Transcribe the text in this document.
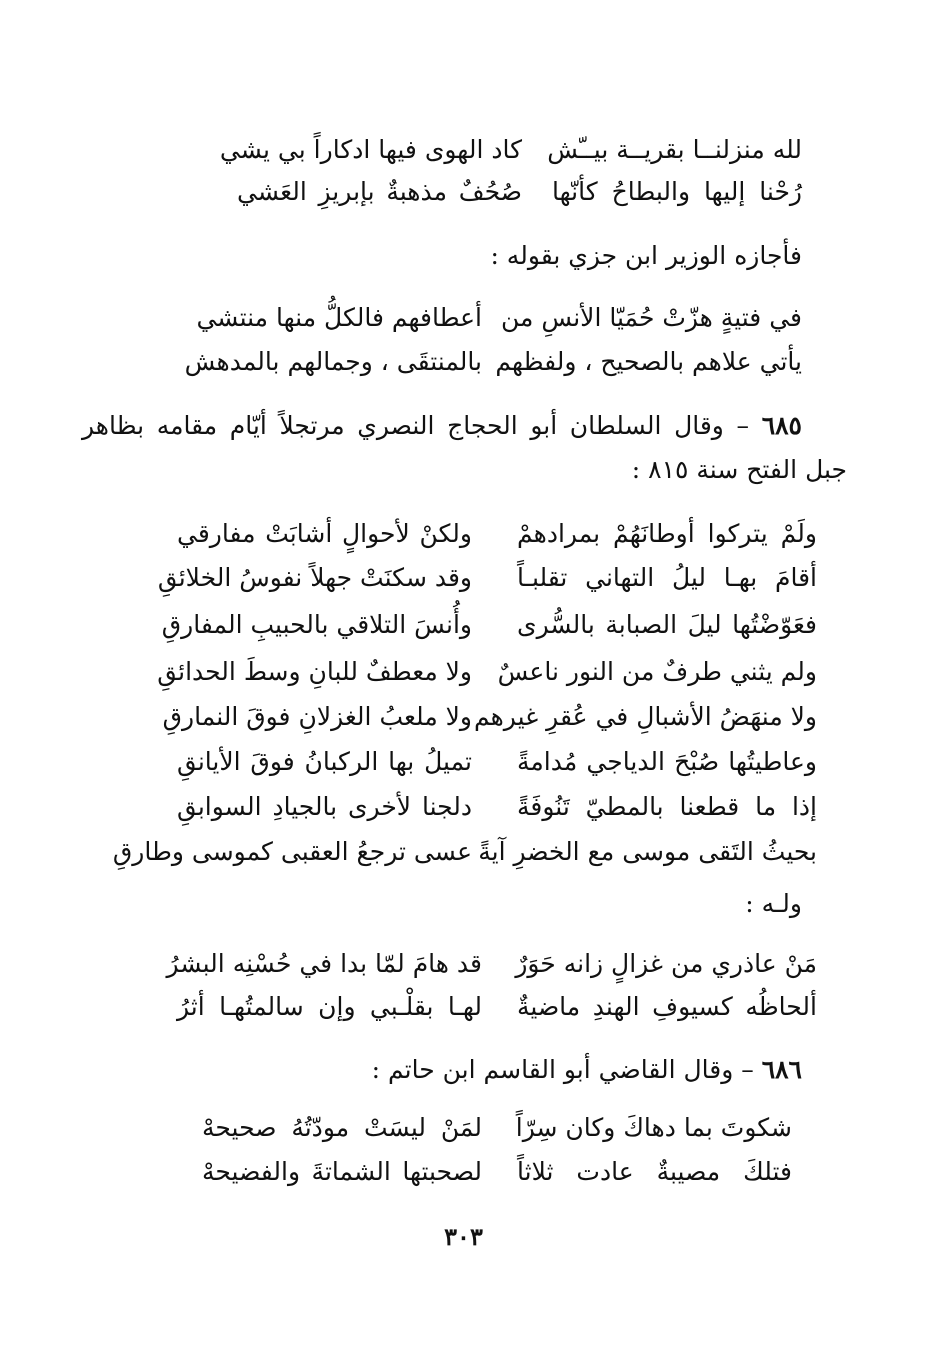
لله منزلنــا بقريــة بيــّش
كاد الهوى فيها ادكاراً بي يشي
رُحْنا إليها والبطاحُ كأنّها
صُحُفٌ مذهبةٌ بإبريزِ العَشي
فأجازه الوزير ابن جزي بقوله :
في فتيةٍ هزّتْ حُمَيّا الأنسِ من
أعطافهم فالكلُّ منها منتشي
يأتي علاهم بالصحيح ، ولفظهم
بالمنتقَى ، وجمالهم بالمدهش
٦٨٥ – وقال السلطان أبو الحجاج النصري مرتجلاً أيّام مقامه بظاهر
جبل الفتح سنة ٨١٥ :
ولَمْ يتركوا أوطانَهُمْ بمرادهمْ
ولكنْ لأحوالٍ أشابَتْ مفارقي
أقامَ بهـا ليلُ التهاني تقلبـاً
وقد سكنَتْ جهلاً نفوسُ الخلائقِ
فعَوّضْتُها ليلَ الصبابة بالسُّرى
وأُنسَ التلاقي بالحبيبِ المفارقِ
ولم يثني طرفٌ من النور ناعسٌ
ولا معطفٌ للبانِ وسطَ الحدائقِ
ولا منهَضُ الأشبالِ في عُقرِ غيرهم
ولا ملعبُ الغزلانِ فوقَ النمارقِ
وعاطيتُها صُبْحَ الدياجي مُدامةً
تميلُ بها الركبانُ فوقَ الأيانقِ
إذا ما قطعنا بالمطيّ تَنُوفَةً
دلجنا لأخرى بالجيادِ السوابقِ
بحيثُ التَقى موسى مع الخضرِ آيةً
عسى ترجعُ العقبى كموسى وطارقِ
ولـه :
مَنْ عاذري من غزالٍ زانه حَوَرٌ
قد هامَ لمّا بدا في حُسْنِه البشرُ
ألحاظُه كسيوفِ الهندِ ماضيةٌ
لهـا بقلْـبي وإن سالمتُهـا أثرُ
٦٨٦ – وقال القاضي أبو القاسم ابن حاتم :
شكوتَ بما دهاكَ وكان سِرّاً
لمَنْ ليسَتْ مودّتُهُ صحيحهْ
فتلكَ مصيبةٌ عادت ثلاثاً
لصحبتها الشماتةَ والفضيحهْ
٣٠٣
